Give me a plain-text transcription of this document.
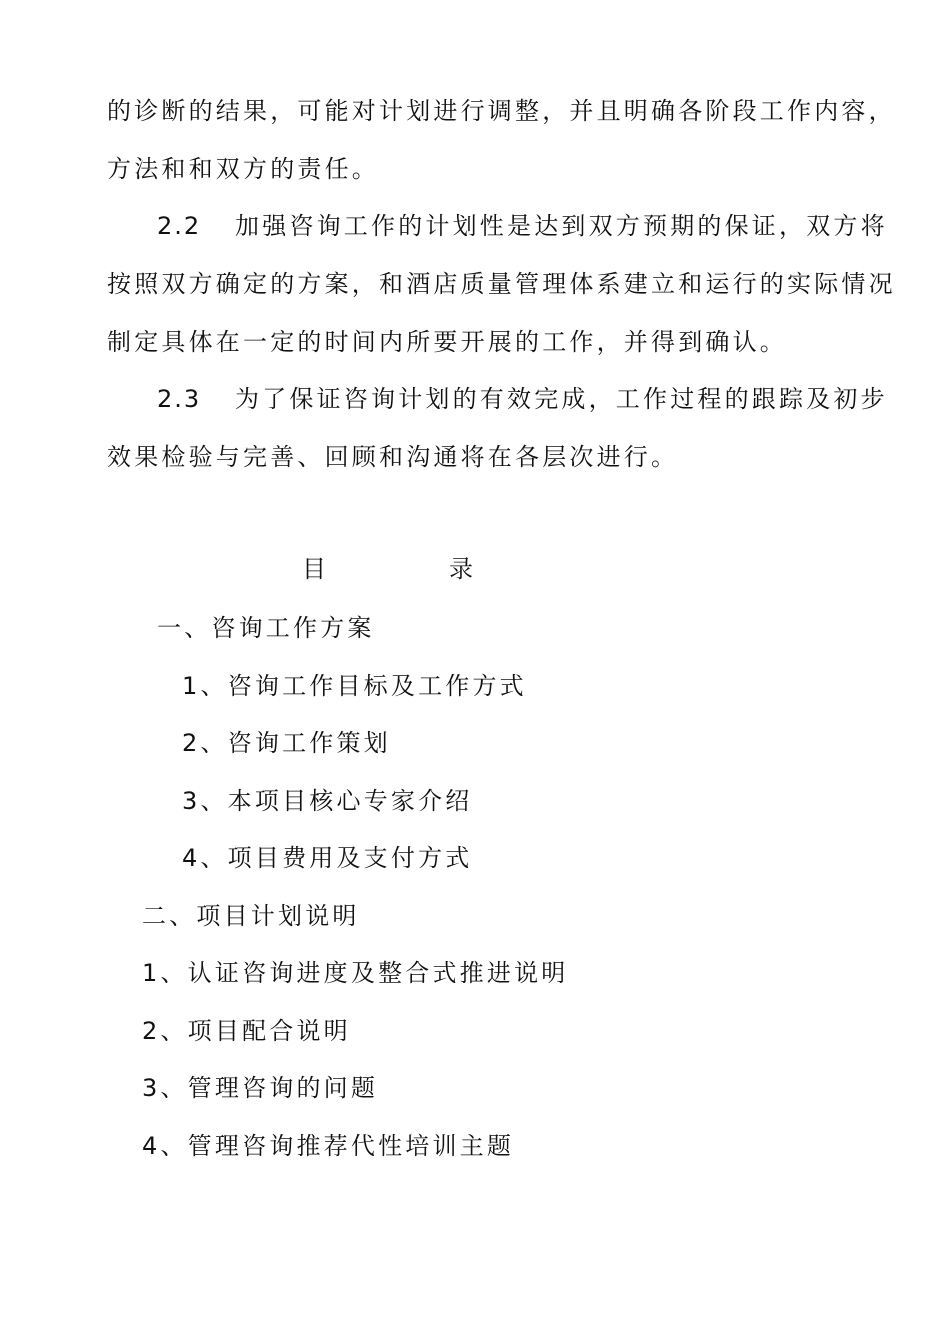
的诊断的结果，可能对计划进行调整，并且明确各阶段工作内容，
方法和和双方的责任。
2.2 加强咨询工作的计划性是达到双方预期的保证，双方将
按照双方确定的方案，和酒店质量管理体系建立和运行的实际情况
制定具体在一定的时间内所要开展的工作，并得到确认。
2.3 为了保证咨询计划的有效完成，工作过程的跟踪及初步
效果检验与完善、回顾和沟通将在各层次进行。
目	录
一、咨询工作方案
1、咨询工作目标及工作方式
2、咨询工作策划
3、本项目核心专家介绍
4、项目费用及支付方式
二、项目计划说明
1、认证咨询进度及整合式推进说明
2、项目配合说明
3、管理咨询的问题
4、管理咨询推荐代性培训主题
